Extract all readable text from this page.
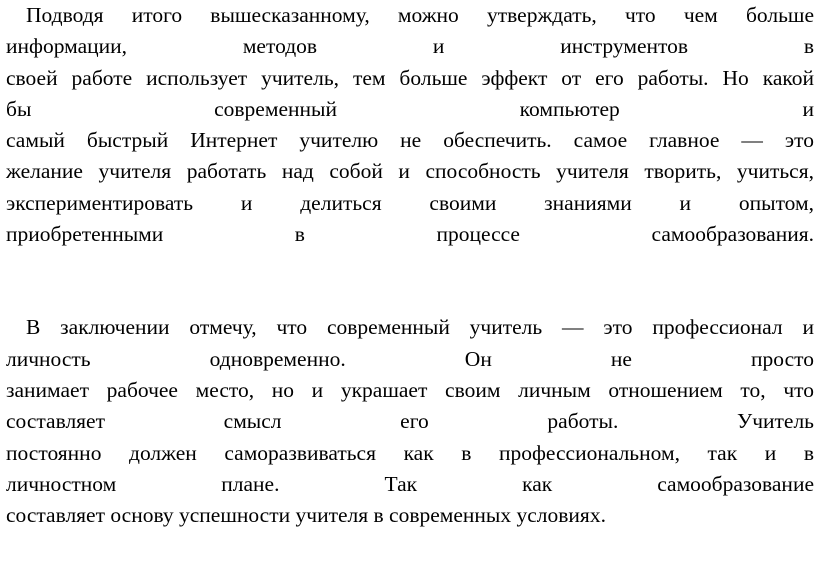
Подводя итого вышесказанному, можно утверждать, что чем больше
информации, методов и инструментов в
своей работе использует учитель, тем больше эффект от его работы. Но какой
бы современный компьютер и
самый быстрый Интернет учителю не обеспечить. самое главное — это
желание учителя работать над собой и способность учителя творить, учиться,
экспериментировать и делиться своими знаниями и опытом,
приобретенными в процессе самообразования.
В заключении отмечу, что современный учитель — это профессионал и
личность одновременно. Он не просто
занимает рабочее место, но и украшает своим личным отношением то, что
составляет смысл его работы. Учитель
постоянно должен саморазвиваться как в профессиональном, так и в
личностном плане. Так как самообразование
составляет основу успешности учителя в современных условиях.
